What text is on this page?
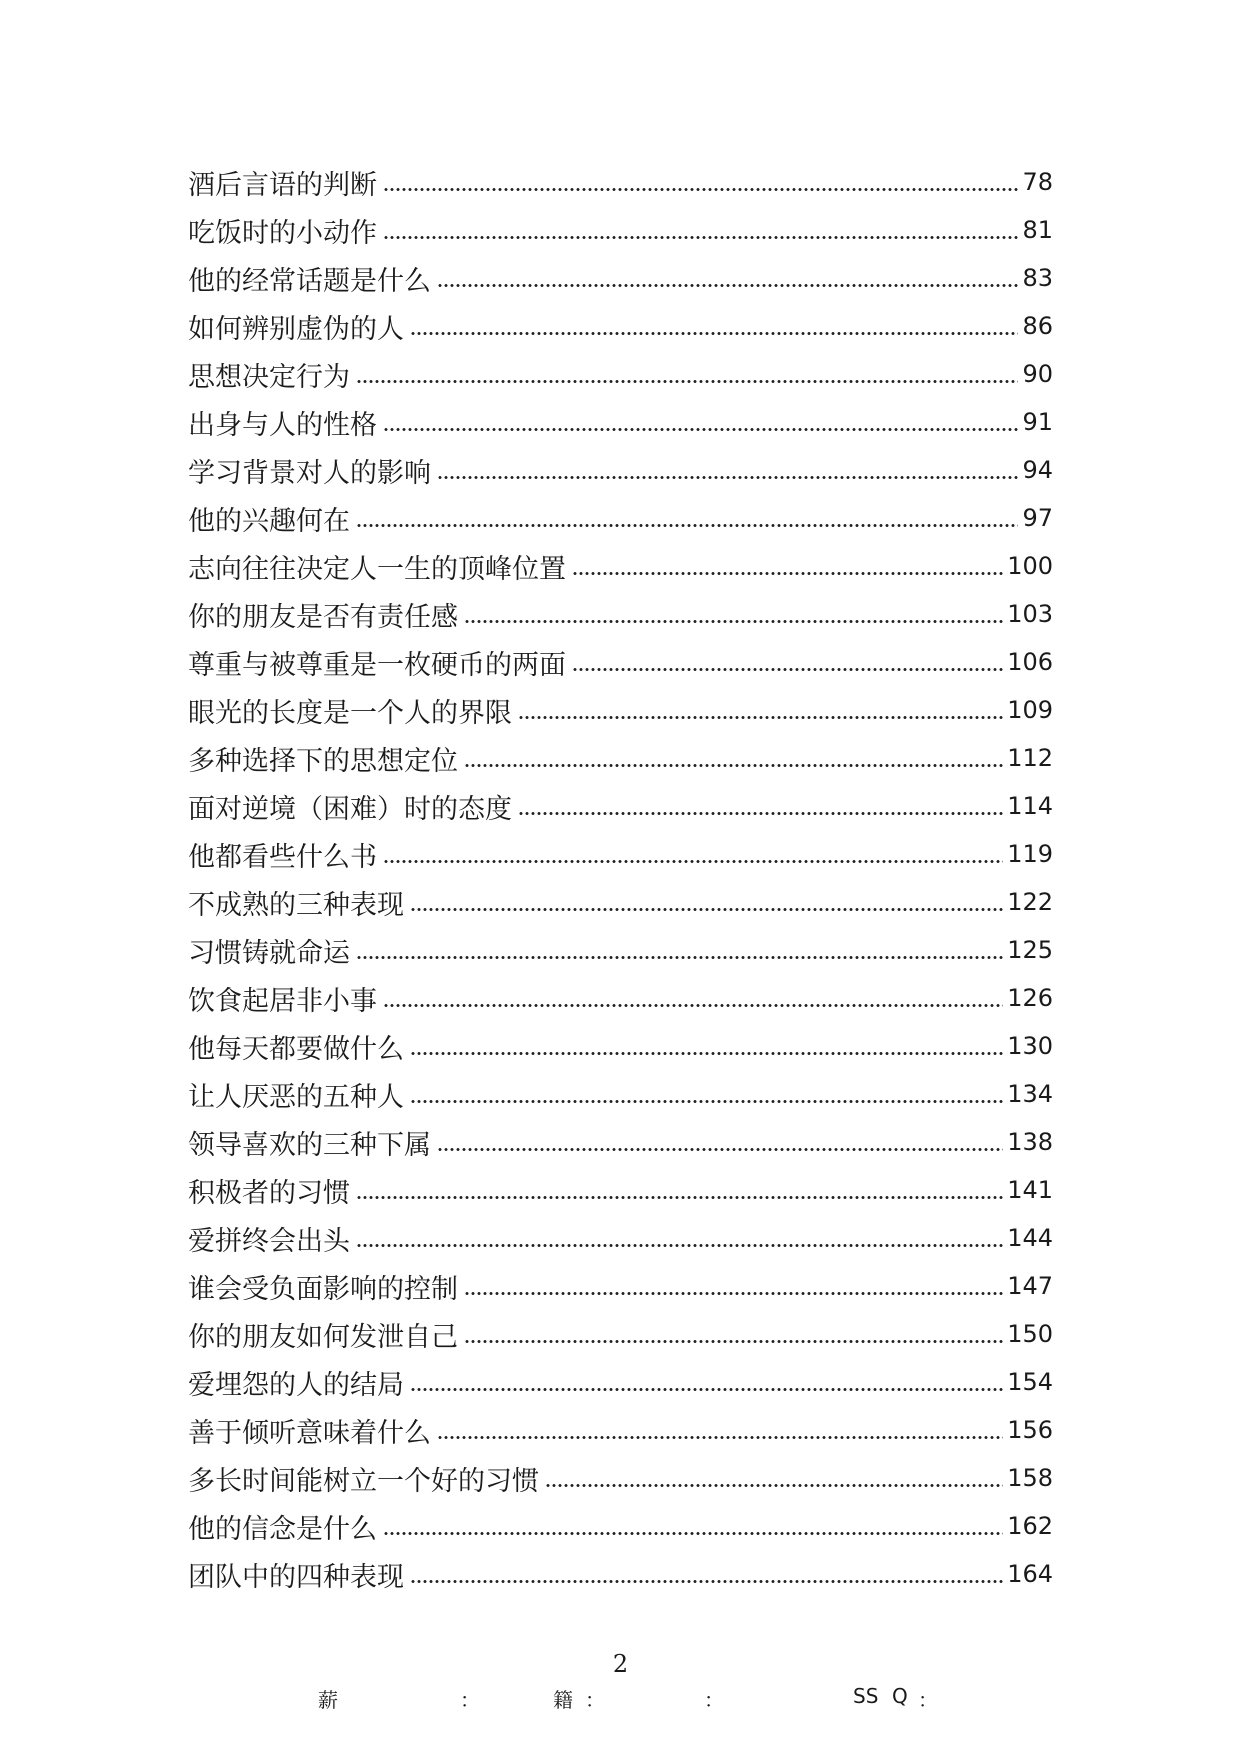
酒后言语的判断	78
吃饭时的小动作	81
他的经常话题是什么	83
如何辨别虚伪的人	86
思想决定行为	90
出身与人的性格	91
学习背景对人的影响	94
他的兴趣何在	97
志向往往决定人一生的顶峰位置	100
你的朋友是否有责任感	103
尊重与被尊重是一枚硬币的两面	106
眼光的长度是一个人的界限	109
多种选择下的思想定位	112
面对逆境（困难）时的态度	114
他都看些什么书	119
不成熟的三种表现	122
习惯铸就命运	125
饮食起居非小事	126
他每天都要做什么	130
让人厌恶的五种人	134
领导喜欢的三种下属	138
积极者的习惯	141
爱拼终会出头	144
谁会受负面影响的控制	147
你的朋友如何发泄自己	150
爱埋怨的人的结局	154
善于倾听意味着什么	156
多长时间能树立一个好的习惯	158
他的信念是什么	162
团队中的四种表现	164
2
薪	：	籍 ：	：	SS Q ：
